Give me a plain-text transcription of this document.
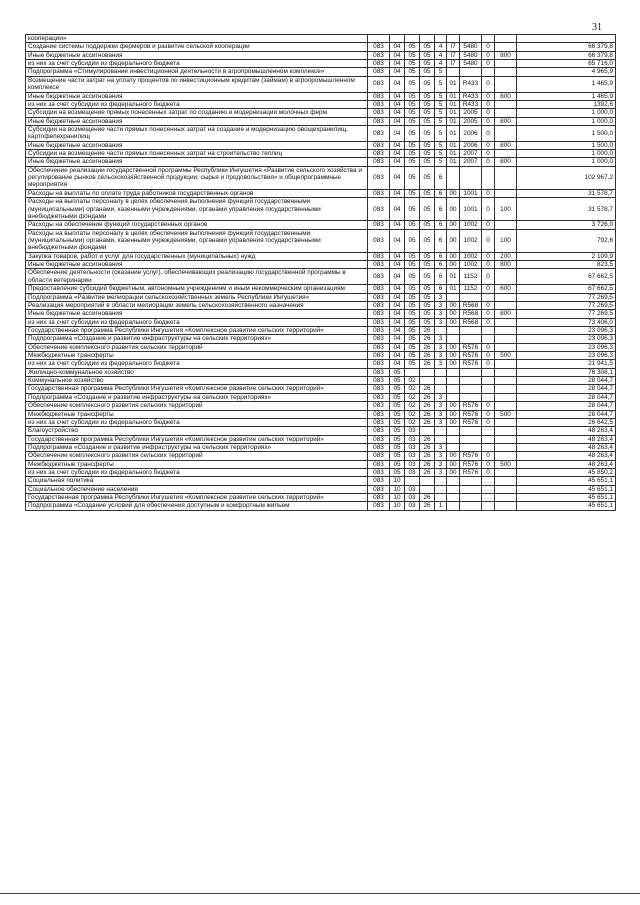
31
кооперации»										
Создание системы поддержки фермеров и развитие сельской кооперации	083	04	05	05	4	I7	5480	0		66 379,8
Иные бюджетные ассигнования	083	04	05	05	4	I7	5480	0	800	66 379,8
из них за счет субсидии из федерального бюджета	083	04	05	05	4	I7	5480	0		65 716,0
Подпрограмма «Стимулирование инвестиционной деятельности в агропромышленном комплексе»	083	04	05	05	5					4 965,9
Возмещение части затрат на уплату процентов по инвестиционным кредитам (займам) в агропромышленном комплексе	083	04	05	05	5	01	R433	0		1 465,9
Иные бюджетные ассигнования	083	04	05	05	5	01	R433	0	800	1 465,9
из них за счет субсидии из федерального бюджета	083	04	05	05	5	01	R433	0		1392,6
Субсидии на возмещение прямых понесенных затрат по созданию и модернизации молочных ферм	083	04	05	05	5	01	2005	0		1 000,0
Иные бюджетные ассигнования	083	04	05	05	5	01	2005	0	800	1 000,0
Субсидии на возмещение части прямых понесенных затрат на создание и модернизацию овощехранилищ, картофелехранилищ	083	04	05	05	5	01	2006	0		1 500,0
Иные бюджетные ассигнования	083	04	05	05	5	01	2006	0	800	1 500,0
Субсидии на возмещение части прямых понесенных затрат на строительство теплиц	083	04	05	05	5	01	2007	0		1 000,0
Иные бюджетные ассигнования	083	04	05	05	5	01	2007	0	800	1 000,0
Обеспечение реализации государственной программы Республики Ингушетия «Развитие сельского хозяйства и регулирование рынков сельскохозяйственной продукции, сырья и продовольствия» и общепрограммные мероприятия	083	04	05	05	6					102 967,2
Расходы на выплаты по оплате труда работников государственных органов	083	04	05	05	6	00	1001	0		31 578,7
Расходы на выплаты персоналу в целях обеспечения выполнения функций государственными (муниципальными) органами, казенными учреждениями, органами управления государственными внебюджетными фондами	083	04	05	05	6	00	1001	0	100	31 578,7
Расходы на обеспечение функций государственных органов	083	04	05	05	6	00	1002	0		3 726,0
Расходы на выплаты персоналу в целях обеспечения выполнения функций государственными (муниципальными) органами, казенными учреждениями, органами управления государственными внебюджетными фондами	083	04	05	05	6	00	1002	0	100	792,6
Закупка товаров, работ и услуг для государственных (муниципальных) нужд	083	04	05	05	6	00	1002	0	200	2 109,9
Иные бюджетные ассигнования	083	04	05	05	6	00	1002	0	800	823,5
Обеспечение деятельности (оказание услуг), обеспечивающих реализацию государственной программы в области ветеринарии	083	04	05	05	6	01	1152	0		67 662,5
Предоставление субсидий бюджетным, автономным учреждениям и иным некоммерческим организациям	083	04	05	05	6	01	1152	0	600	67 662,5
Подпрограмма «Развитие мелиорации сельскохозяйственных земель Республики Ингушетия»	083	04	05	05	3					77 269,5
Реализация мероприятий в области мелиорации земель сельскохозяйственного назначения	083	04	05	05	3	00	R568	0		77 269,5
Иные бюджетные ассигнования	083	04	05	05	3	00	R568	0	800	77 269,5
из них за счет субсидии из федерального бюджета	083	04	05	05	3	00	R568	0		73 406,0
Государственная программа Республики Ингушетия «Комплексное развитие сельских территорий»	083	04	05	26						23 096,3
Подпрограмма «Создание и развитие инфраструктуры на сельских территориях»	083	04	05	26	3					23 096,3
Обеспечение комплексного развития сельских территорий	083	04	05	26	3	00	R576	0		23 096,3
Межбюджетные трансферты	083	04	05	26	3	00	R576	0	500	23 096,3
из них за счет субсидии из федерального бюджета	083	04	05	26	3	00	R576	0		21 941,5
Жилищно-коммунальное хозяйство	083	05								76 308,1
Коммунальное хозяйство	083	05	02							28 044,7
Государственная программа Республики Ингушетия «Комплексное развитие сельских территорий»	083	05	02	26						28 044,7
Подпрограмма «Создание и развитие инфраструктуры на сельских территориях»	083	05	02	26	3					28 044,7
Обеспечение комплексного развития сельских территорий	083	05	02	26	3	00	R576	0		28 044,7
Межбюджетные трансферты	083	05	02	26	3	00	R576	0	500	28 044,7
из них за счет субсидии из федерального бюджета	083	05	02	26	3	00	R576	0		26 642,5
Благоустройство	083	05	03							48 263,4
Государственная программа Республики Ингушетия «Комплексное развитие сельских территорий»	083	05	03	26						48 263,4
Подпрограмма «Создание и развитие инфраструктуры на сельских территориях»	083	05	03	26	3					48 263,4
Обеспечение комплексного развития сельских территорий	083	05	03	26	3	00	R576	0		48 263,4
Межбюджетные трансферты	083	05	03	26	3	00	R576	0	500	48 263,4
из них за счет субсидии из федерального бюджета	083	05	03	26	3	00	R576	0		45 850,2
Социальная политика	083	10								45 651,1
Социальное обеспечение населения	083	10	03							45 651,1
Государственная программа Республики Ингушетия «Комплексное развитие сельских территорий»	083	10	03	26						45 651,1
Подпрограмма «Создание условий для обеспечения доступным и комфортным жильем	083	10	03	26	1					45 651,1
